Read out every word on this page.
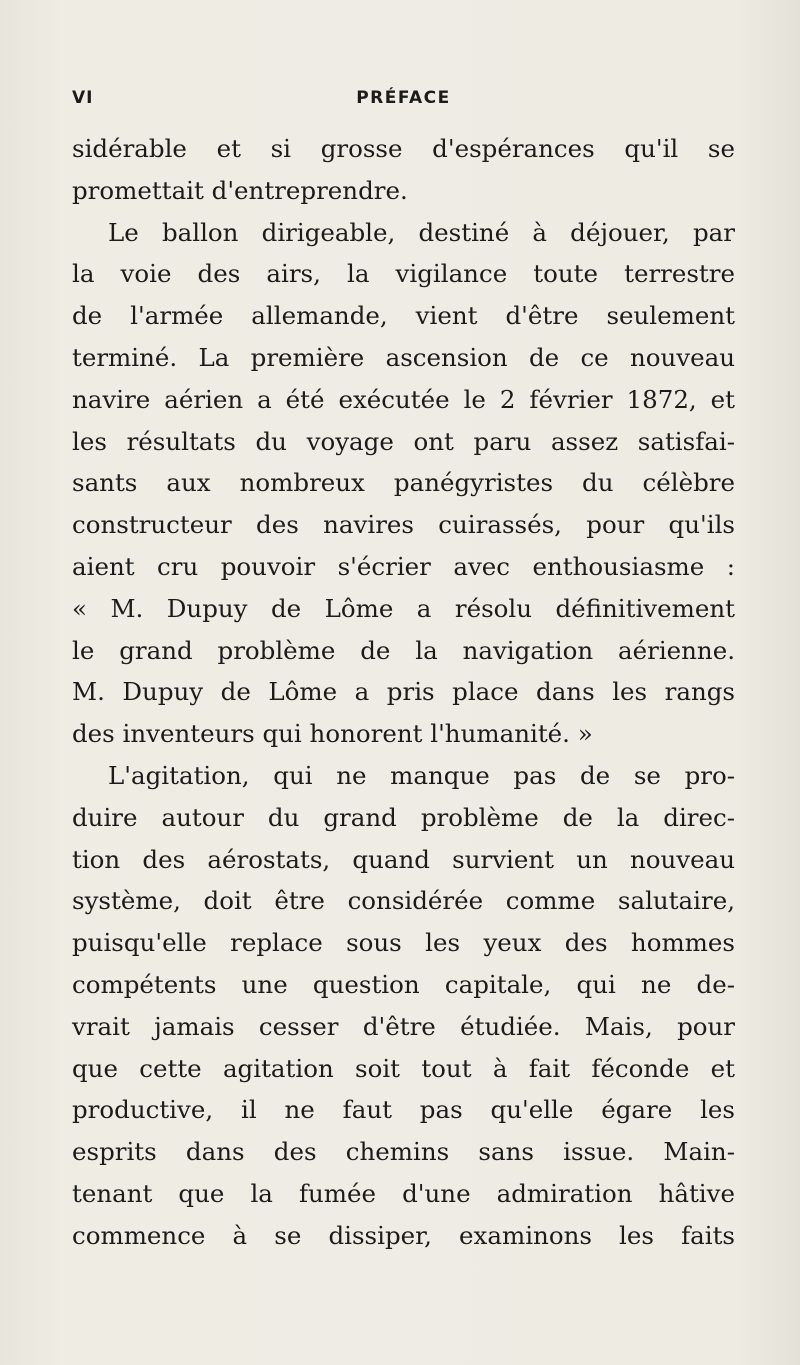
VI	PRÉFACE
sidérable et si grosse d'espérances qu'il se
promettait d'entreprendre.
Le ballon dirigeable, destiné à déjouer, par
la voie des airs, la vigilance toute terrestre
de l'armée allemande, vient d'être seulement
terminé. La première ascension de ce nouveau
navire aérien a été exécutée le 2 février 1872, et
les résultats du voyage ont paru assez satisfai-
sants aux nombreux panégyristes du célèbre
constructeur des navires cuirassés, pour qu'ils
aient cru pouvoir s'écrier avec enthousiasme :
« M. Dupuy de Lôme a résolu définitivement
le grand problème de la navigation aérienne.
M. Dupuy de Lôme a pris place dans les rangs
des inventeurs qui honorent l'humanité. »
L'agitation, qui ne manque pas de se pro-
duire autour du grand problème de la direc-
tion des aérostats, quand survient un nouveau
système, doit être considérée comme salutaire,
puisqu'elle replace sous les yeux des hommes
compétents une question capitale, qui ne de-
vrait jamais cesser d'être étudiée. Mais, pour
que cette agitation soit tout à fait féconde et
productive, il ne faut pas qu'elle égare les
esprits dans des chemins sans issue. Main-
tenant que la fumée d'une admiration hâtive
commence à se dissiper, examinons les faits
